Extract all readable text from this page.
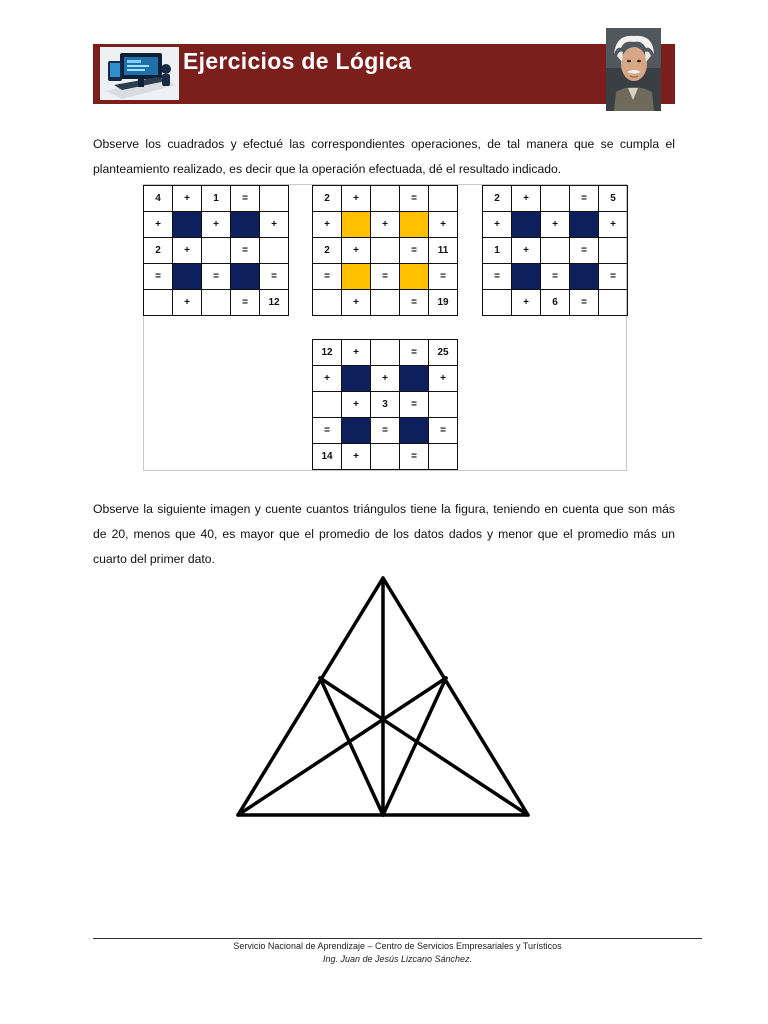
Ejercicios de Lógica

Observe los cuadrados y efectué las correspondientes operaciones, de tal manera que se cumpla el planteamiento realizado, es decir que la operación efectuada, dé el resultado indicado.

4	+	1	=	
+		+		+
2	+		=	
=		=		=
	+		=	12
2	+		=	
+		+		+
2	+		=	11
=		=		=
	+		=	19
2	+		=	5
+		+		+
1	+		=	
=		=		=
	+	6	=	
12	+		=	25
+		+		+
	+	3	=	
=		=		=
14	+		=	

Observe la siguiente imagen y cuente cuantos triángulos tiene la figura, teniendo en cuenta que son más de 20, menos que 40, es mayor que el promedio de los datos dados y menor que el promedio más un cuarto del primer dato.

Servicio Nacional de Aprendizaje – Centro de Servicios Empresariales y Turísticos
Ing. Juan de Jesús Lizcano Sánchez.
